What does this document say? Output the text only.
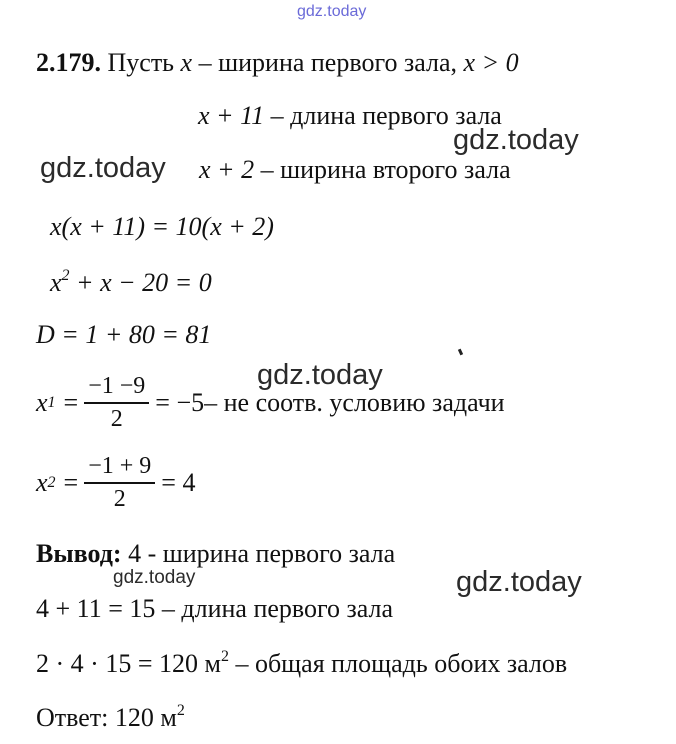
gdz.today
gdz.today
gdz.today
gdz.today
gdz.today	gdz.today
2.179. Пусть x – ширина первого зала, x > 0
x + 11 – длина первого зала
x + 2 – ширина второго зала
x(x + 11) = 10(x + 2)
$x^2 + x - 20 = 0$
D = 1 + 80 = 81
x $1 = \frac{-1 -9}{2} = -5$ – не соотв. условию задачи
x $2 = \frac{-1 + 9}{2} = 4$
Вывод: 4 - ширина первого зала
4 + 11 = 15 – длина первого зала
2 · 4 · 15 = 120 $м^2$ – общая площадь обоих залов
Ответ: 120 $м^2$
